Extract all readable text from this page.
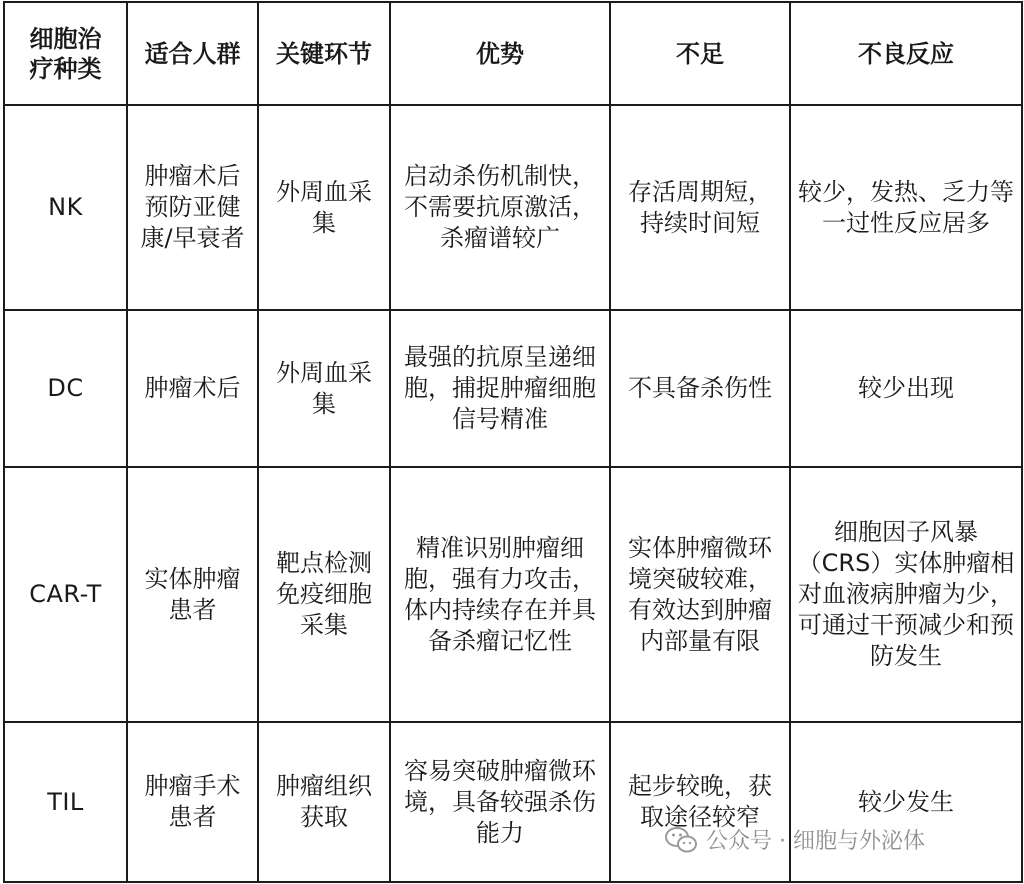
细胞治疗种类	适合人群	关键环节	优势	不足	不良反应
NK	肿瘤术后预防亚健康/早衰者	外周血采集	启动杀伤机制快，不需要抗原激活，杀瘤谱较广	存活周期短，持续时间短	较少，发热、乏力等一过性反应居多
DC	肿瘤术后	外周血采集	最强的抗原呈递细胞，捕捉肿瘤细胞信号精准	不具备杀伤性	较少出现
CAR-T	实体肿瘤患者	靶点检测免疫细胞采集	精准识别肿瘤细胞，强有力攻击，体内持续存在并具备杀瘤记忆性	实体肿瘤微环境突破较难，有效达到肿瘤内部量有限	细胞因子风暴（CRS）实体肿瘤相对血液病肿瘤为少，可通过干预减少和预防发生
TIL	肿瘤手术患者	肿瘤组织获取	容易突破肿瘤微环境，具备较强杀伤能力	起步较晚，获取途径较窄	较少发生
公众号 · 细胞与外泌体
